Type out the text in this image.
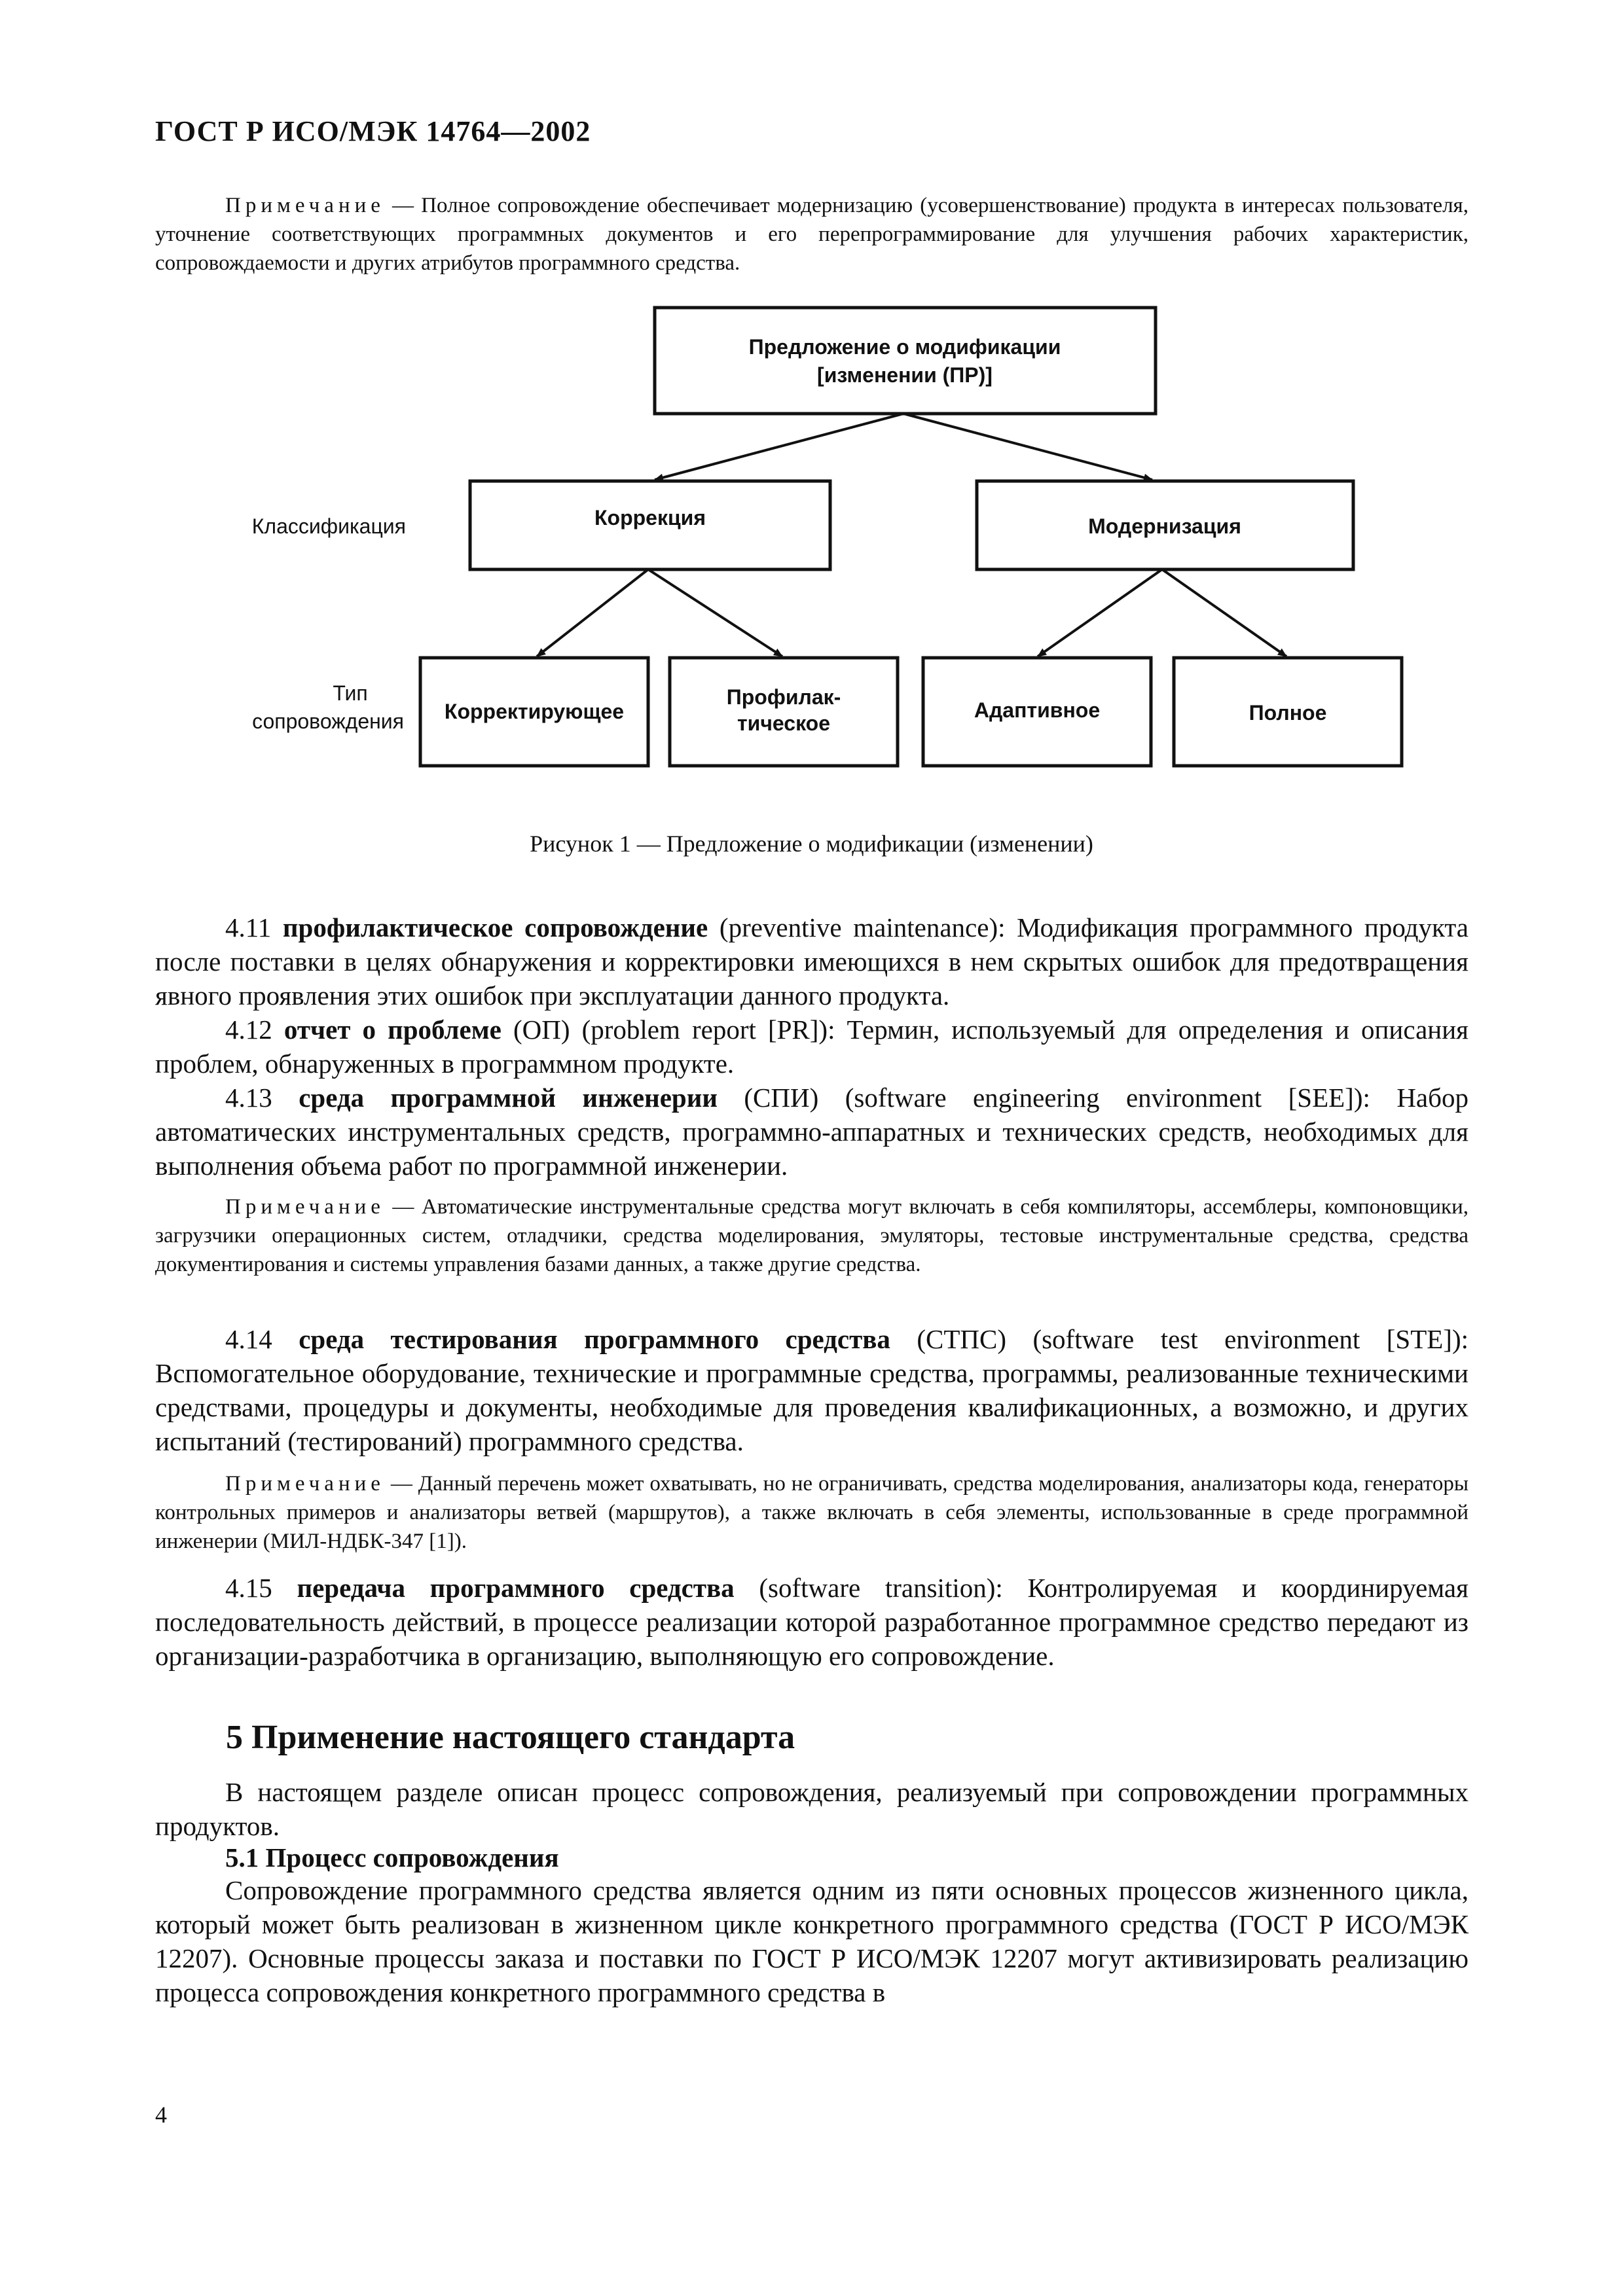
ГОСТ Р ИСО/МЭК 14764—2002
Примечание — Полное сопровождение обеспечивает модернизацию (усовершенствование) продукта в интересах пользователя, уточнение соответствующих программных документов и его перепрограммирование для улучшения рабочих характеристик, сопровождаемости и других атрибутов программного средства.
Предложение о модификации
[изменении (ПР)]
Коррекция	Модернизация
Корректирующее
Профилак-
тическое
Адаптивное	Полное
Классификация
Тип
сопровождения
Рисунок 1 — Предложение о модификации (изменении)
4.11 профилактическое сопровождение (preventive maintenance): Модификация программного продукта после поставки в целях обнаружения и корректировки имеющихся в нем скрытых ошибок для предотвращения явного проявления этих ошибок при эксплуатации данного продукта.
4.12 отчет о проблеме (ОП) (problem report [PR]): Термин, используемый для определения и описания проблем, обнаруженных в программном продукте.
4.13 среда программной инженерии (СПИ) (software engineering environment [SEE]): Набор автоматических инструментальных средств, программно-аппаратных и технических средств, необходимых для выполнения объема работ по программной инженерии.
Примечание — Автоматические инструментальные средства могут включать в себя компиляторы, ассемблеры, компоновщики, загрузчики операционных систем, отладчики, средства моделирования, эмуляторы, тестовые инструментальные средства, средства документирования и системы управления базами данных, а также другие средства.
4.14 среда тестирования программного средства (СТПС) (software test environment [STE]): Вспомогательное оборудование, технические и программные средства, программы, реализованные техническими средствами, процедуры и документы, необходимые для проведения квалификационных, а возможно, и других испытаний (тестирований) программного средства.
Примечание — Данный перечень может охватывать, но не ограничивать, средства моделирования, анализаторы кода, генераторы контрольных примеров и анализаторы ветвей (маршрутов), а также включать в себя элементы, использованные в среде программной инженерии (МИЛ-НДБК-347 [1]).
4.15 передача программного средства (software transition): Контролируемая и координируемая последовательность действий, в процессе реализации которой разработанное программное средство передают из организации-разработчика в организацию, выполняющую его сопровождение.
5 Применение настоящего стандарта
В настоящем разделе описан процесс сопровождения, реализуемый при сопровождении программных продуктов.
5.1 Процесс сопровождения
Сопровождение программного средства является одним из пяти основных процессов жизненного цикла, который может быть реализован в жизненном цикле конкретного программного средства (ГОСТ Р ИСО/МЭК 12207). Основные процессы заказа и поставки по ГОСТ Р ИСО/МЭК 12207 могут активизировать реализацию процесса сопровождения конкретного программного средства в
4
